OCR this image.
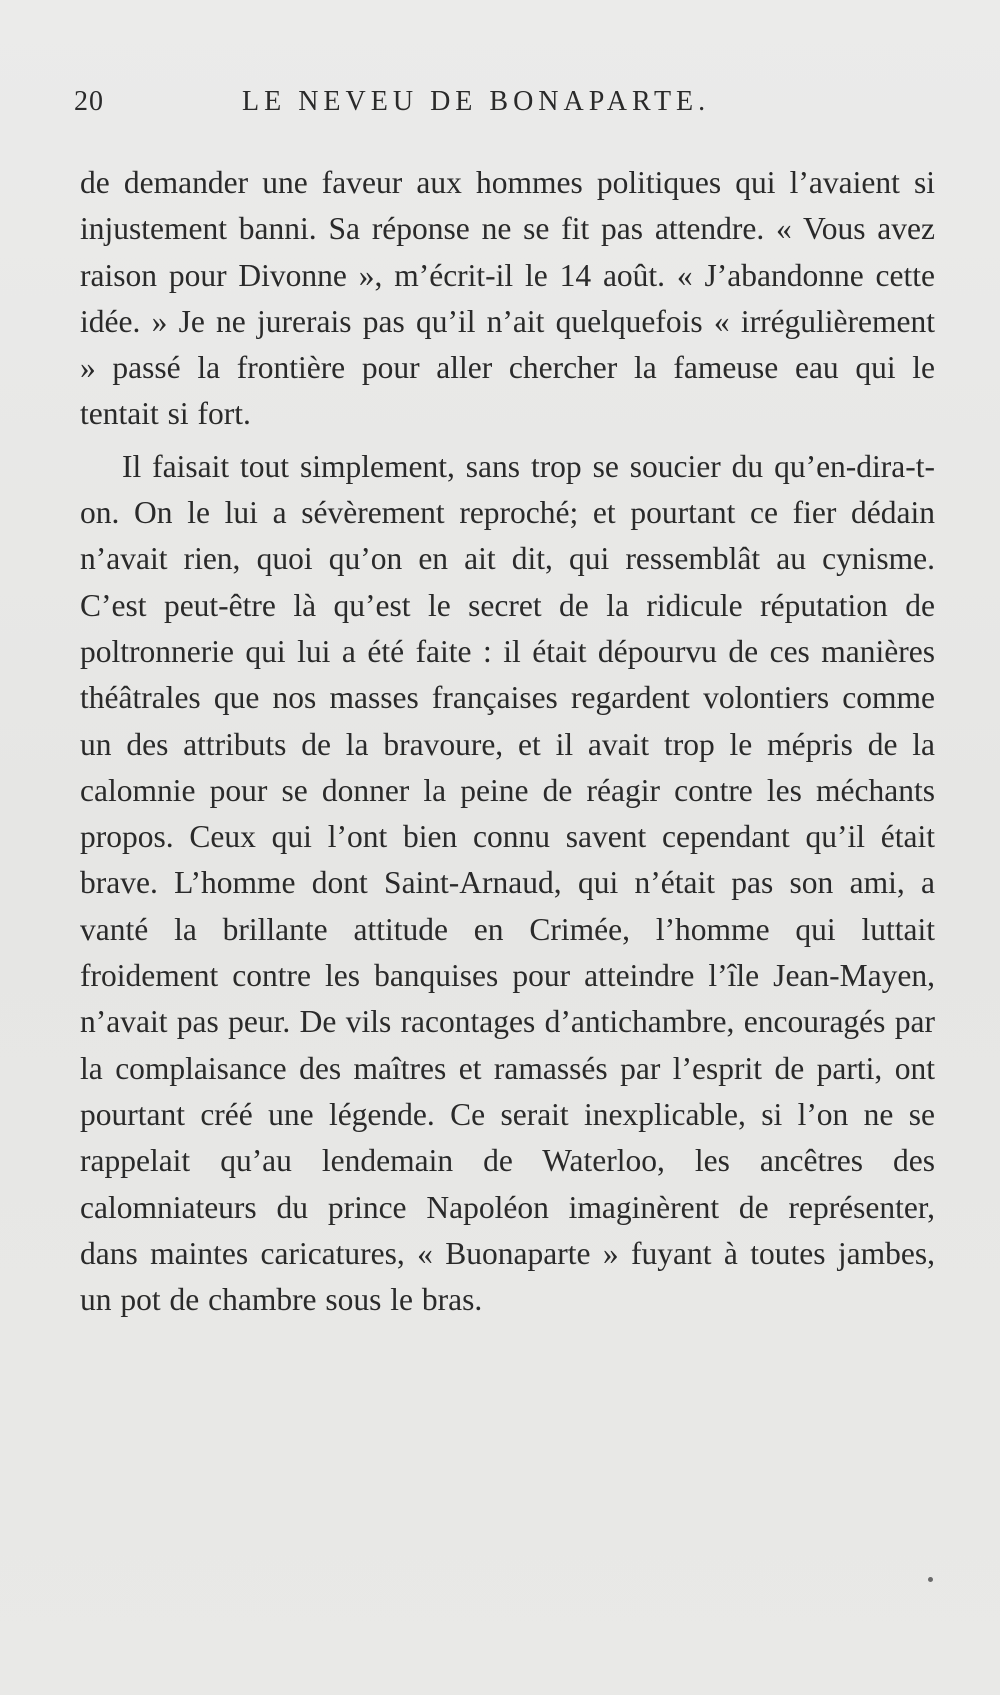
20	LE NEVEU DE BONAPARTE.

de demander une faveur aux hommes politiques qui l’avaient si injustement banni. Sa réponse ne se fit pas attendre. « Vous avez raison pour Divonne », m’écrit-il le 14 août. « J’abandonne cette idée. » Je ne jurerais pas qu’il n’ait quelquefois « irrégulièrement » passé la frontière pour aller chercher la fameuse eau qui le tentait si fort.

Il faisait tout simplement, sans trop se soucier du qu’en-dira-t-on. On le lui a sévèrement reproché; et pourtant ce fier dédain n’avait rien, quoi qu’on en ait dit, qui ressemblât au cynisme. C’est peut-être là qu’est le secret de la ridicule réputation de poltronnerie qui lui a été faite : il était dépourvu de ces manières théâtrales que nos masses françaises regardent volontiers comme un des attributs de la bravoure, et il avait trop le mépris de la calomnie pour se donner la peine de réagir contre les méchants propos. Ceux qui l’ont bien connu savent cependant qu’il était brave. L’homme dont Saint-Arnaud, qui n’était pas son ami, a vanté la brillante attitude en Crimée, l’homme qui luttait froidement contre les banquises pour atteindre l’île Jean-Mayen, n’avait pas peur. De vils racontages d’antichambre, encouragés par la complaisance des maîtres et ramassés par l’esprit de parti, ont pourtant créé une légende. Ce serait inexplicable, si l’on ne se rappelait qu’au lendemain de Waterloo, les ancêtres des calomniateurs du prince Napoléon imaginèrent de représenter, dans maintes caricatures, « Buonaparte » fuyant à toutes jambes, un pot de chambre sous le bras.
